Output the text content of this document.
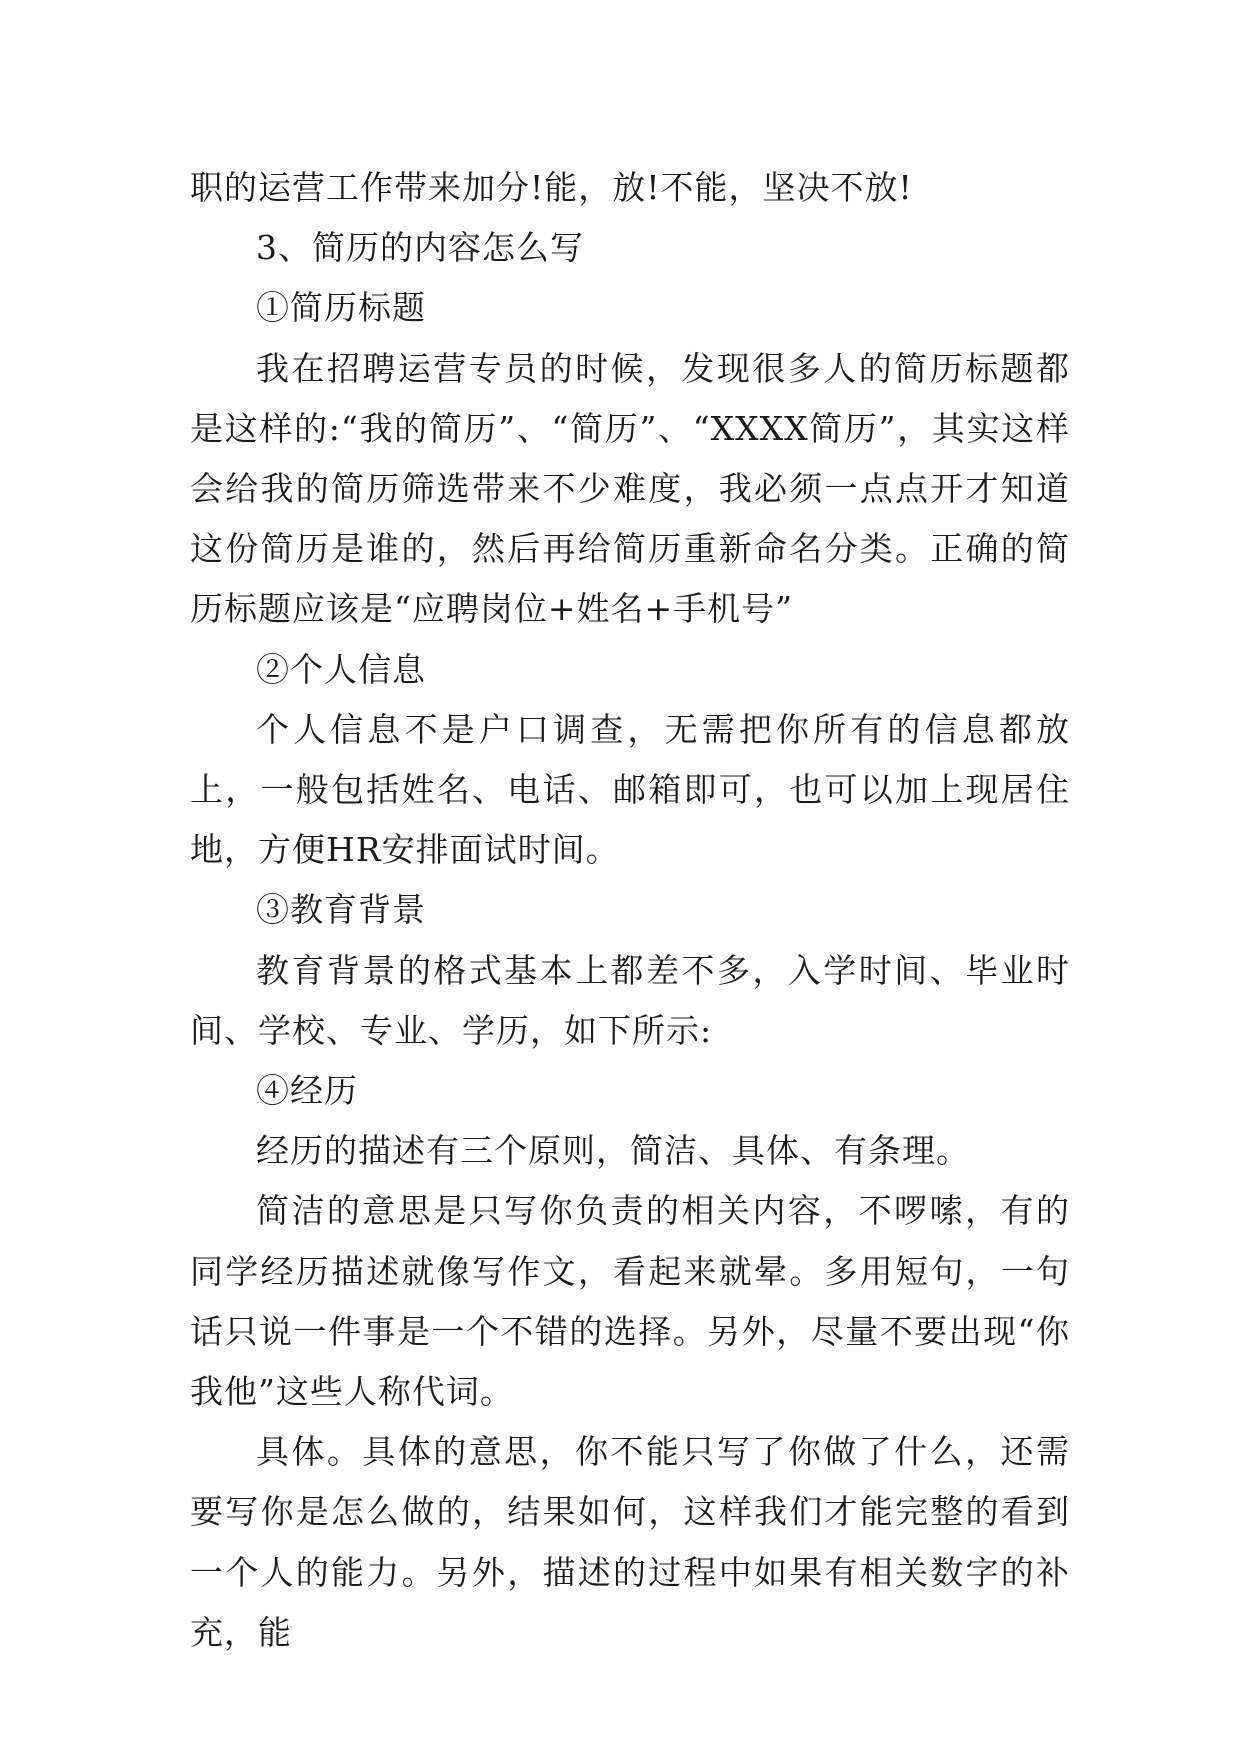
职的运营工作带来加分!能，放!不能，坚决不放!

3、简历的内容怎么写

①简历标题

我在招聘运营专员的时候，发现很多人的简历标题都是这样的:“我的简历”、“简历”、“XXXX简历”，其实这样会给我的简历筛选带来不少难度，我必须一点点开才知道这份简历是谁的，然后再给简历重新命名分类。正确的简历标题应该是“应聘岗位+姓名+手机号”

②个人信息

个人信息不是户口调查，无需把你所有的信息都放上，一般包括姓名、电话、邮箱即可，也可以加上现居住地，方便HR安排面试时间。

③教育背景

教育背景的格式基本上都差不多，入学时间、毕业时间、学校、专业、学历，如下所示:

④经历

经历的描述有三个原则，简洁、具体、有条理。

简洁的意思是只写你负责的相关内容，不啰嗦，有的同学经历描述就像写作文，看起来就晕。多用短句，一句话只说一件事是一个不错的选择。另外，尽量不要出现“你我他”这些人称代词。

具体。具体的意思，你不能只写了你做了什么，还需要写你是怎么做的，结果如何，这样我们才能完整的看到一个人的能力。另外，描述的过程中如果有相关数字的补充，能
